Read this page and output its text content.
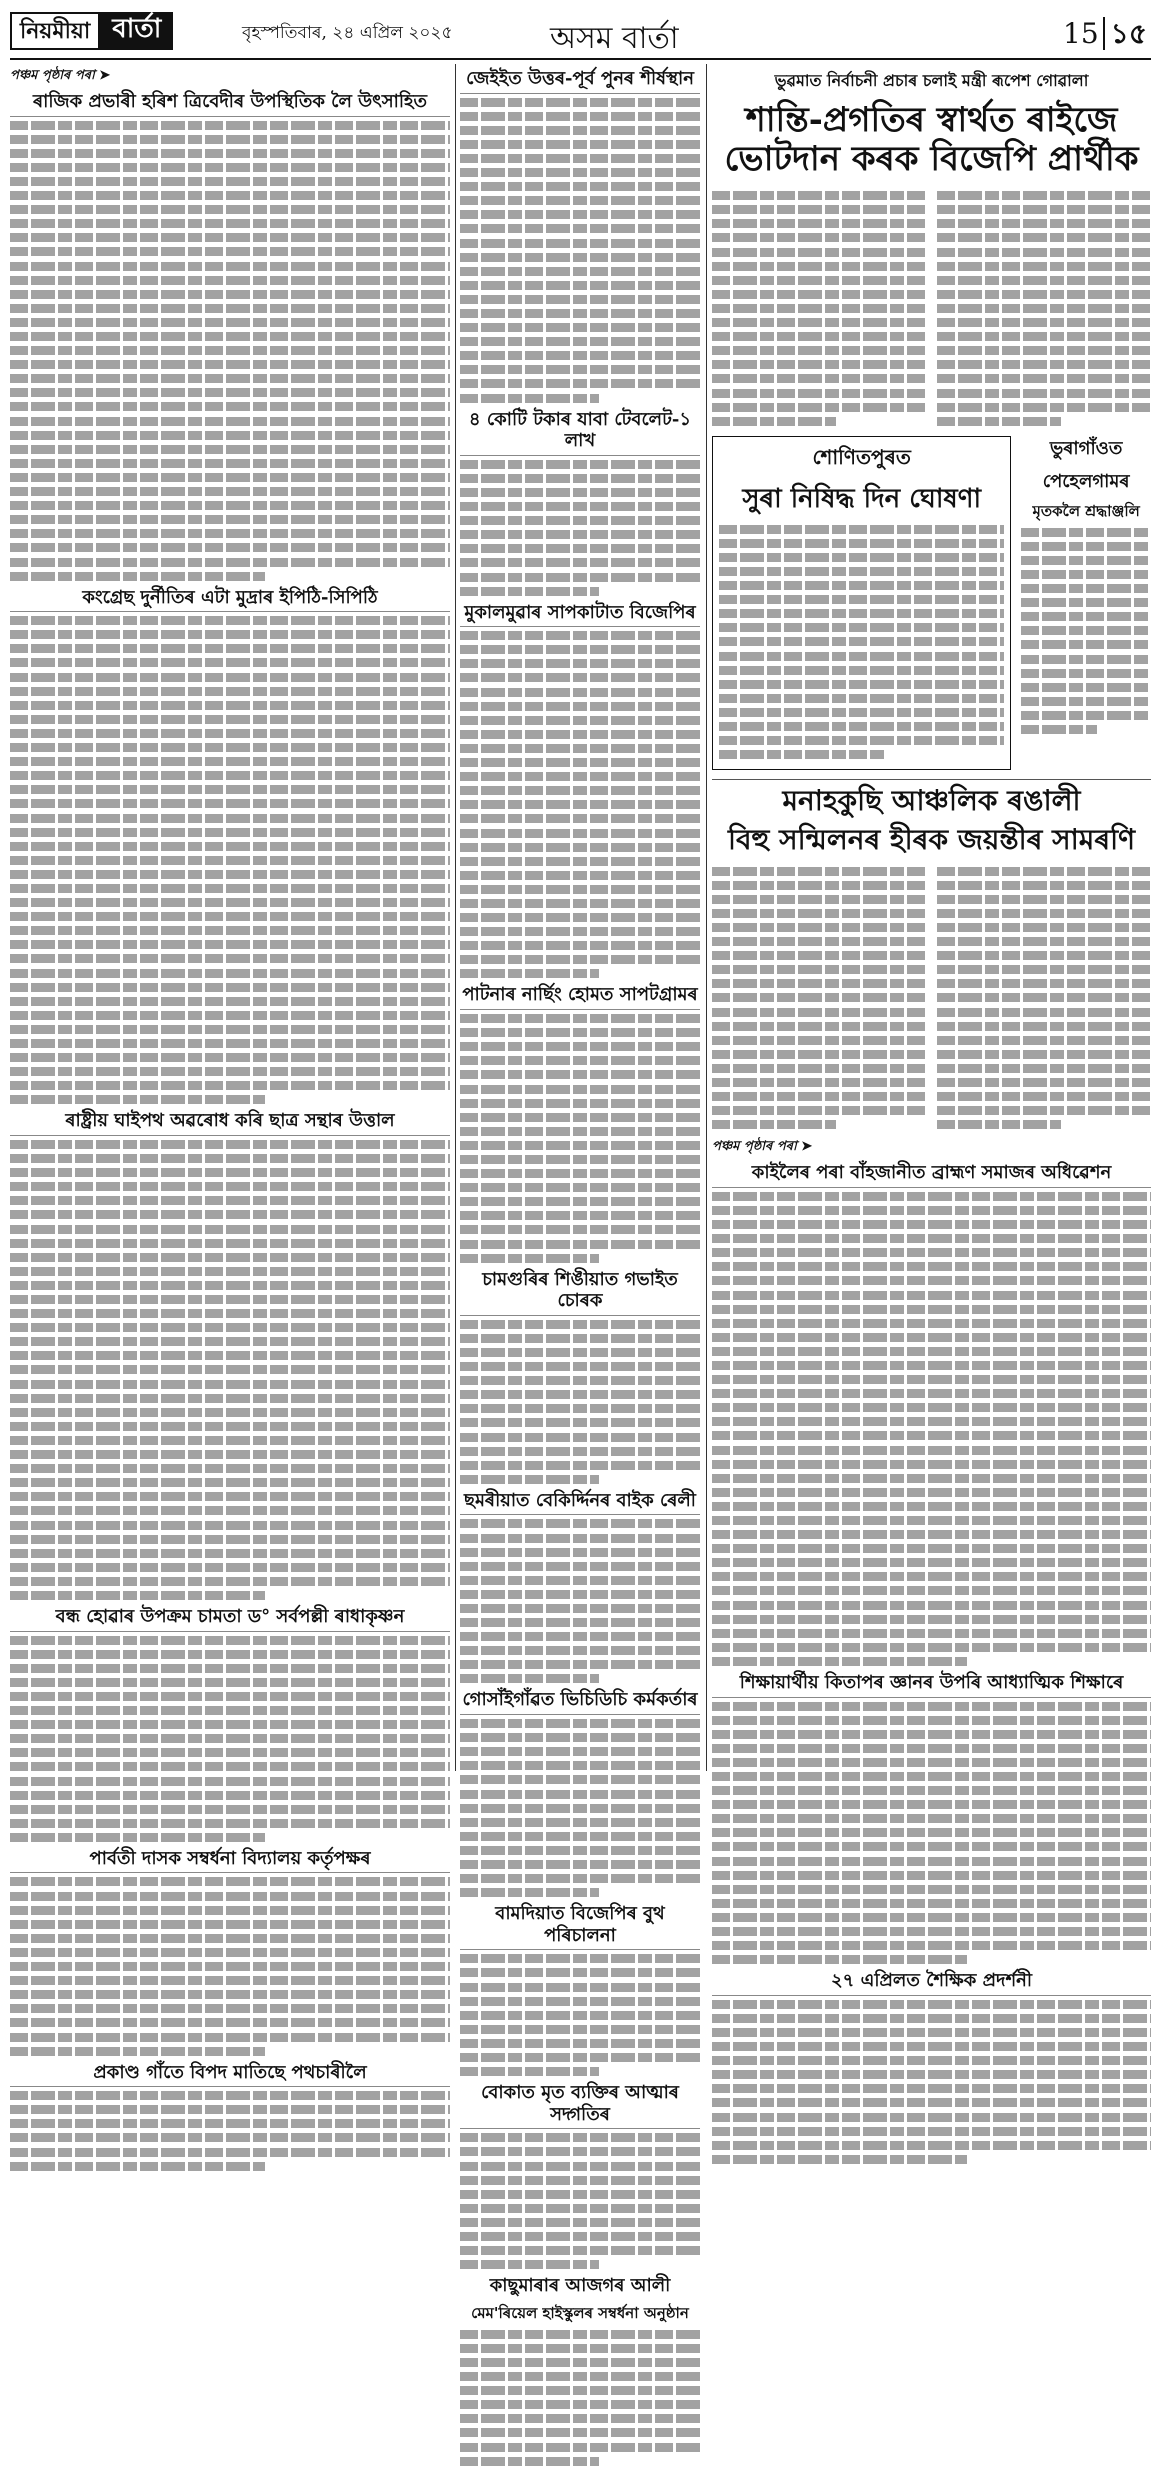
নিয়মীয়া বার্তা	বৃহস্পতিবাৰ, ২৪ এপ্ৰিল ২০২৫	অসম বাৰ্তা	15 ১৫
পঞ্চম পৃষ্ঠাৰ পৰা ➤
ৰাজিক প্ৰভাৰী হৰিশ ত্ৰিবেদীৰ উপস্থিতিক লৈ উৎসাহিত
কংগ্ৰেছ দুৰ্নীতিৰ এটা মুদ্ৰাৰ ইপিঠি-সিপিঠি
ৰাষ্ট্ৰীয় ঘাইপথ অৱৰোধ কৰি ছাত্ৰ সন্থাৰ উত্তাল
বন্ধ হোৱাৰ উপক্ৰম চামতা ড° সৰ্বপল্লী ৰাধাকৃষ্ণন
পাৰ্বতী দাসক সম্বৰ্ধনা বিদ্যালয় কৰ্তৃপক্ষৰ
প্ৰকাণ্ড গাঁতে বিপদ মাতিছে পথচাৰীলৈ
জেইইত উত্তৰ-পূৰ্ব পুনৰ শীৰ্ষস্থান
৪ কোটি টকাৰ যাবা টেবলেট-১ লাখ
মুকালমুৱাৰ সাপকাটাত বিজেপিৰ
পাটনাৰ নাৰ্ছিং হোমত সাপটগ্ৰামৰ
চামগুৰিৰ শিঙীয়াত গভাইত চোৰক
ছমৰীয়াত বেকিৰ্দ্দিনৰ বাইক ৰেলী
গোসাঁইগাঁৱত ভিচিডিচি কৰ্মকৰ্তাৰ
বামদিয়াত বিজেপিৰ বুথ পৰিচালনা
বোকাত মৃত ব্যক্তিৰ আত্মাৰ সদ্গতিৰ
কাছুমাৰাৰ আজগৰ আলী
মেম'ৰিয়েল হাইস্কুলৰ সম্বৰ্ধনা অনুষ্ঠান
ভুৱমাত নিৰ্বাচনী প্ৰচাৰ চলাই মন্ত্ৰী ৰূপেশ গোৱালা
শান্তি-প্ৰগতিৰ স্বাৰ্থত ৰাইজে ভোটদান কৰক বিজেপি প্ৰাৰ্থীক
শোণিতপুৰত
সুৰা নিষিদ্ধ দিন ঘোষণা
ভুৰাগাঁওত
পেহেলগামৰ
মৃতকলৈ শ্ৰদ্ধাঞ্জলি
মনাহকুছি আঞ্চলিক ৰঙালী
বিহু সন্মিলনৰ হীৰক জয়ন্তীৰ সামৰণি
পঞ্চম পৃষ্ঠাৰ পৰা ➤
কাইলৈৰ পৰা বাঁহজানীত ব্ৰাহ্মণ সমাজৰ অধিৱেশন
শিক্ষায়াৰ্থীয় কিতাপৰ জ্ঞানৰ উপৰি আধ্যাত্মিক শিক্ষাৰে
২৭ এপ্ৰিলত শৈক্ষিক প্ৰদৰ্শনী
